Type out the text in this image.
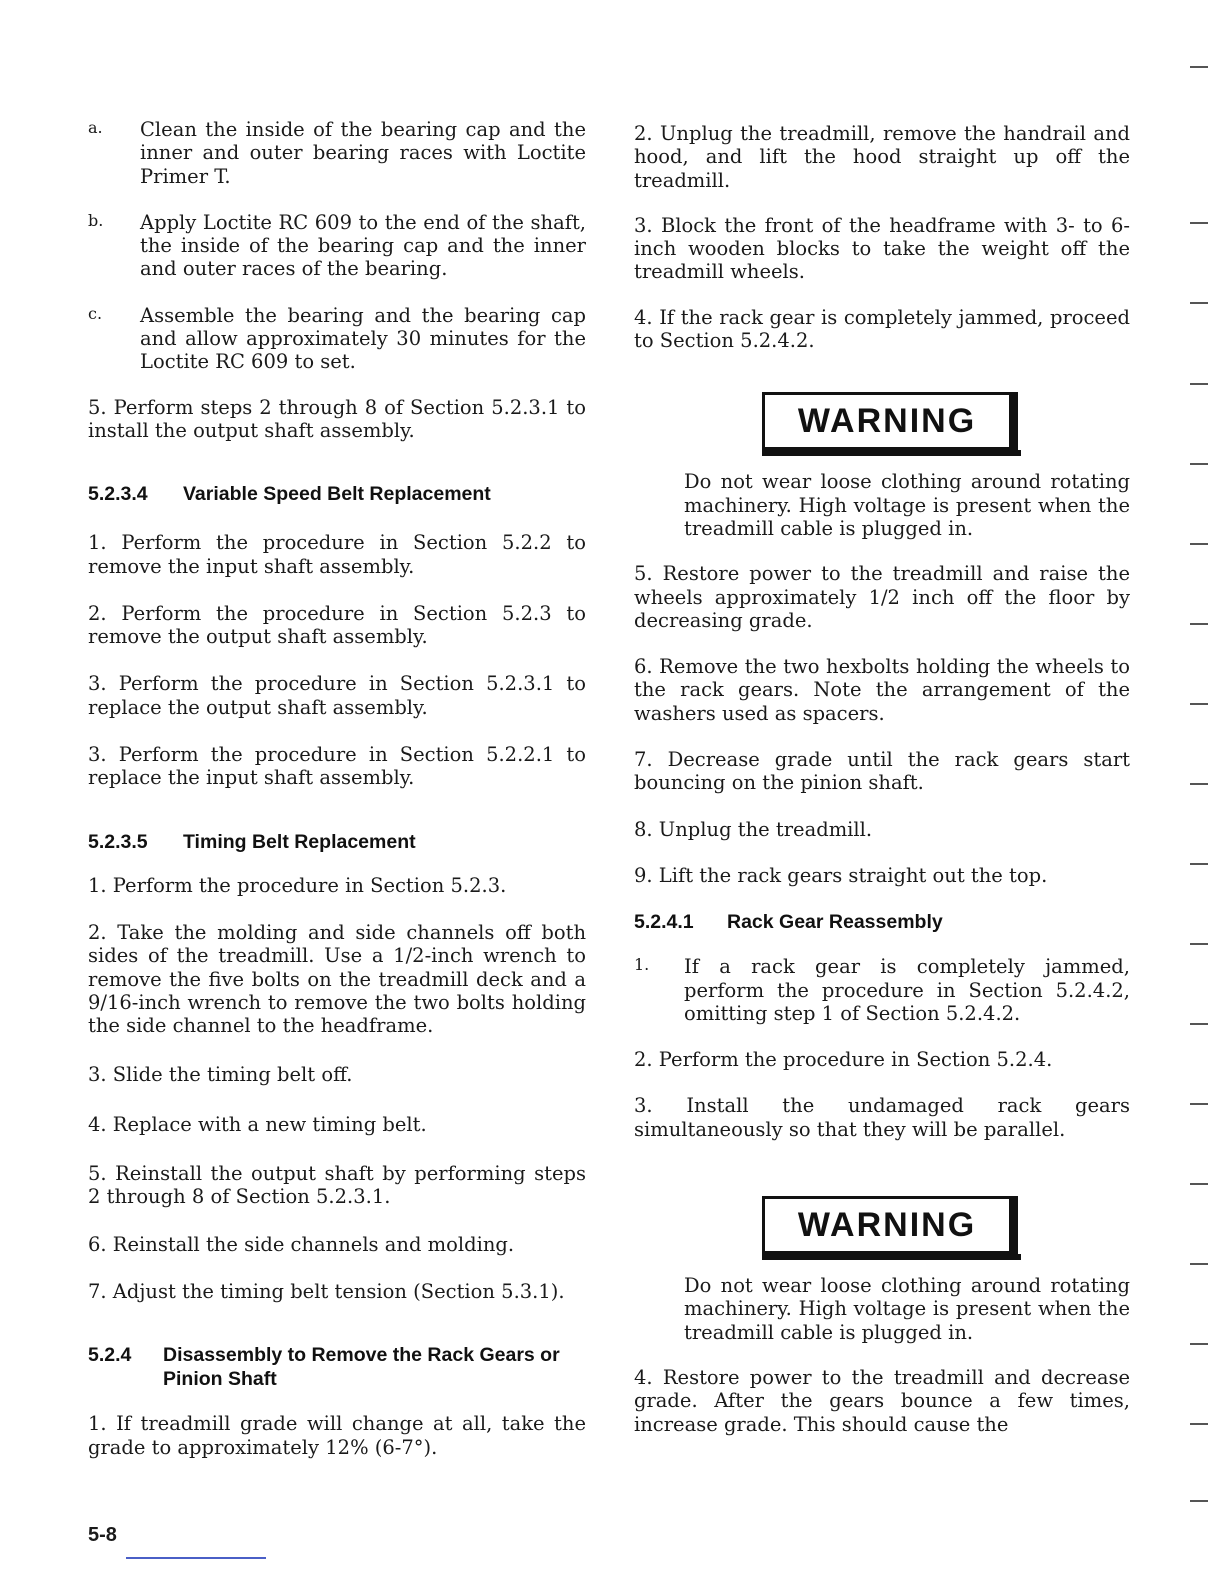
a.	Clean the inside of the bearing cap and the inner and outer bearing races with Loctite Primer T.

b.	Apply Loctite RC 609 to the end of the shaft, the inside of the bearing cap and the inner and outer races of the bearing.

c.	Assemble the bearing and the bearing cap and allow approximately 30 minutes for the Loctite RC 609 to set.

5. Perform steps 2 through 8 of Section 5.2.3.1 to install the output shaft assembly.

5.2.3.4 Variable Speed Belt Replacement

1. Perform the procedure in Section 5.2.2 to remove the input shaft assembly.

2. Perform the procedure in Section 5.2.3 to remove the output shaft assembly.

3. Perform the procedure in Section 5.2.3.1 to replace the output shaft assembly.

3. Perform the procedure in Section 5.2.2.1 to replace the input shaft assembly.

5.2.3.5 Timing Belt Replacement

1. Perform the procedure in Section 5.2.3.

2. Take the molding and side channels off both sides of the treadmill. Use a 1/2-inch wrench to remove the five bolts on the treadmill deck and a 9/16-inch wrench to remove the two bolts holding the side channel to the headframe.

3. Slide the timing belt off.

4. Replace with a new timing belt.

5. Reinstall the output shaft by performing steps 2 through 8 of Section 5.2.3.1.

6. Reinstall the side channels and molding.

7. Adjust the timing belt tension (Section 5.3.1).

5.2.4	Disassembly to Remove the Rack Gears or Pinion Shaft

1. If treadmill grade will change at all, take the grade to approximately 12% (6-7°).

2. Unplug the treadmill, remove the handrail and hood, and lift the hood straight up off the treadmill.

3. Block the front of the headframe with 3- to 6-inch wooden blocks to take the weight off the treadmill wheels.

4. If the rack gear is completely jammed, proceed to Section 5.2.4.2.

WARNING

Do not wear loose clothing around rotating machinery. High voltage is present when the treadmill cable is plugged in.

5. Restore power to the treadmill and raise the wheels approximately 1/2 inch off the floor by decreasing grade.

6. Remove the two hexbolts holding the wheels to the rack gears. Note the arrangement of the washers used as spacers.

7. Decrease grade until the rack gears start bouncing on the pinion shaft.

8. Unplug the treadmill.

9. Lift the rack gears straight out the top.

5.2.4.1 Rack Gear Reassembly
1.	If a rack gear is completely jammed, perform the procedure in Section 5.2.4.2, omitting step 1 of Section 5.2.4.2.

2. Perform the procedure in Section 5.2.4.

3. Install the undamaged rack gears simultaneously so that they will be parallel.

WARNING

Do not wear loose clothing around rotating machinery. High voltage is present when the treadmill cable is plugged in.

4. Restore power to the treadmill and decrease grade. After the gears bounce a few times, increase grade. This should cause the

5-8
